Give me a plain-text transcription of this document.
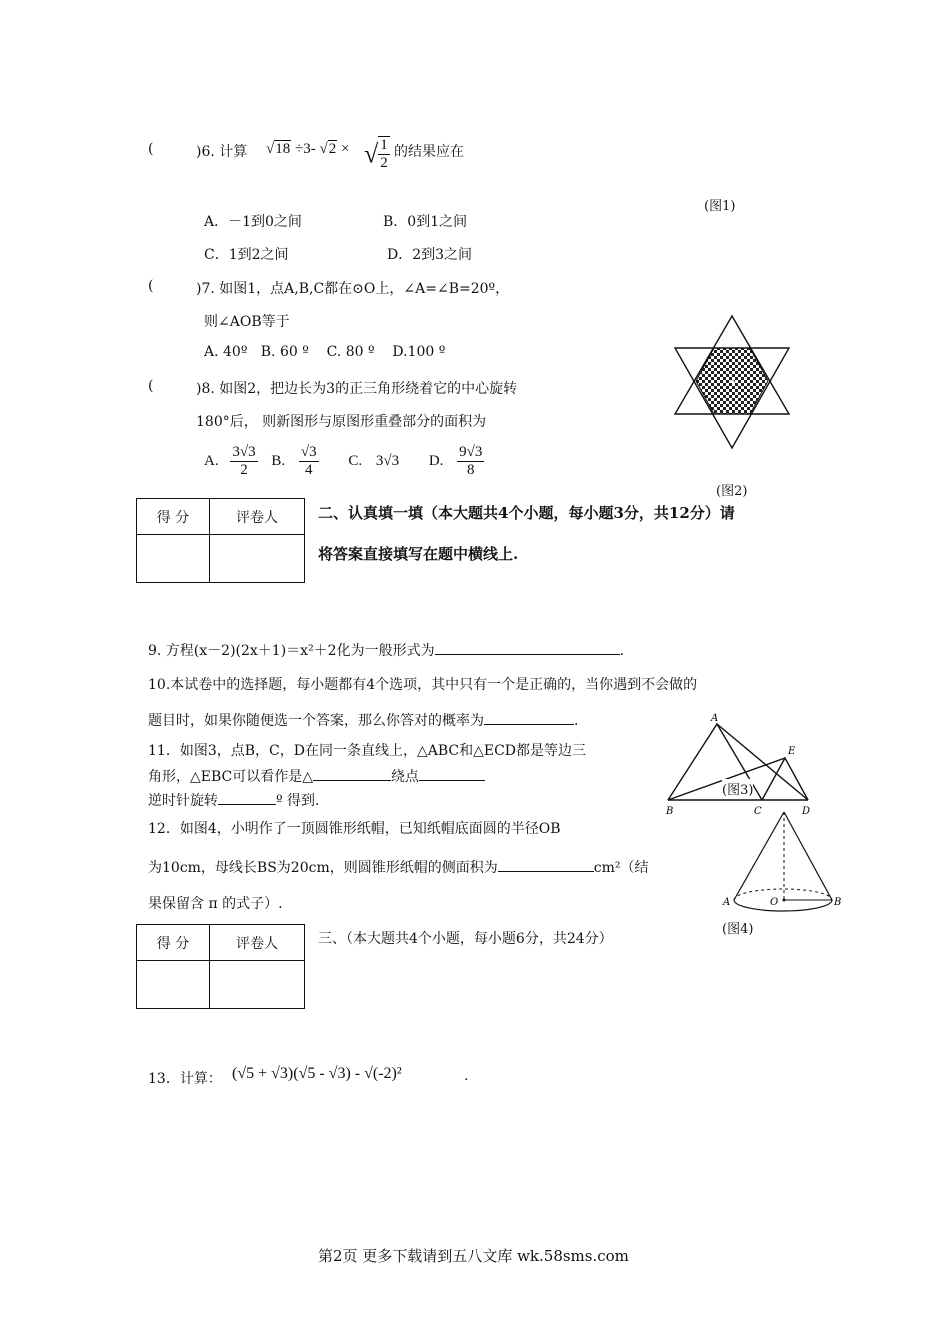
(	)6. 计算 √18 ÷3- √2 × √ $\frac{1}{2}$ 的结果应在
(图1)
A．－1到0之间	B．0到1之间
C．1到2之间	D．2到3之间
(	)7. 如图1，点A,B,C都在⊙O上，∠A=∠B=20º，
则∠AOB等于
A. 40º   B. 60 º    C. 80 º    D.100 º
(	)8. 如图2，把边长为3的正三角形绕着它的中心旋转
180°后， 则新图形与原图形重叠部分的面积为
A. $\frac{3√3}{2} B$. $\frac{√3}{4} C$. 3√3 D. $\frac{9√3}{8}$
+
(图2)
得 分	评卷人
		二、认真填一填（本大题共4个小题，每小题3分，共12分）请
将答案直接填写在题中横线上.
9. 方程(x－2)(2x＋1)＝x²＋2化为一般形式为	.
10.本试卷中的选择题，每小题都有4个选项，其中只有一个是正确的，当你遇到不会做的
题目时，如果你随便选一个答案，那么你答对的概率为	.
11．如图3，点B，C，D在同一条直线上，△ABC和△ECD都是等边三
角形，△EBC可以看作是△	绕点
逆时针旋转	º 得到.
A
E
B	C	D
(图3)
12．如图4，小明作了一顶圆锥形纸帽，已知纸帽底面圆的半径OB
为10cm，母线长BS为20cm，则圆锥形纸帽的侧面积为	cm²（结
果保留含 π 的式子）.	A	O	B
(图4)
得 分	评卷人
		三、（本大题共4个小题，每小题6分，共24分）
13．计算： (√5 + √3)(√5 - √3) - √(-2)²	.
第2页 更多下载请到五八文库 wk.58sms.com
